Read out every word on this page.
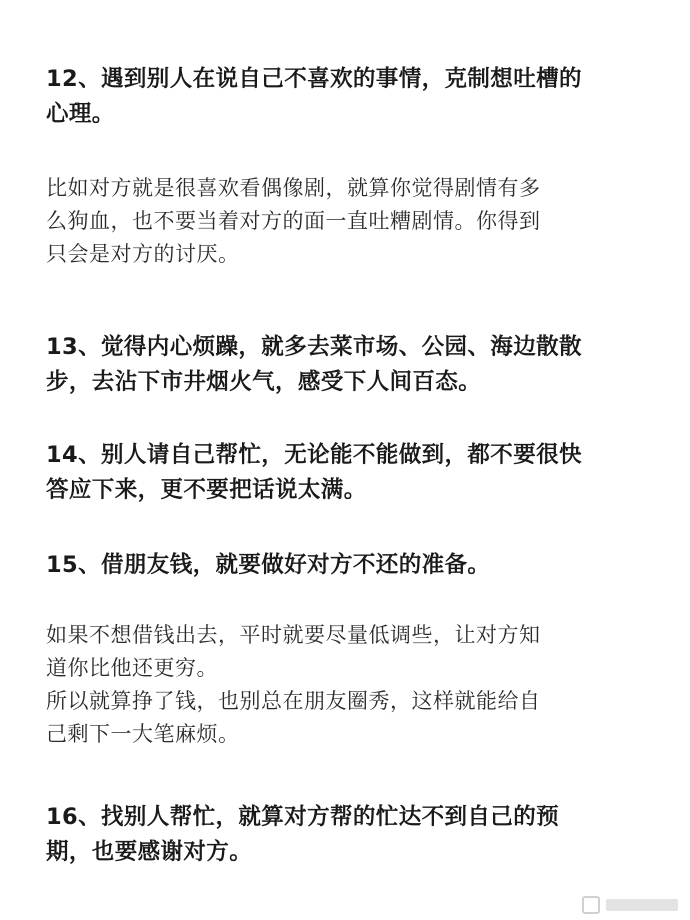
12、遇到别人在说自己不喜欢的事情，克制想吐槽的
心理。

比如对方就是很喜欢看偶像剧，就算你觉得剧情有多
么狗血，也不要当着对方的面一直吐糟剧情。你得到
只会是对方的讨厌。

13、觉得内心烦躁，就多去菜市场、公园、海边散散
步，去沾下市井烟火气，感受下人间百态。

14、别人请自己帮忙，无论能不能做到，都不要很快
答应下来，更不要把话说太满。

15、借朋友钱，就要做好对方不还的准备。

如果不想借钱出去，平时就要尽量低调些，让对方知
道你比他还更穷。
所以就算挣了钱，也别总在朋友圈秀，这样就能给自
己剩下一大笔麻烦。

16、找别人帮忙，就算对方帮的忙达不到自己的预
期，也要感谢对方。
